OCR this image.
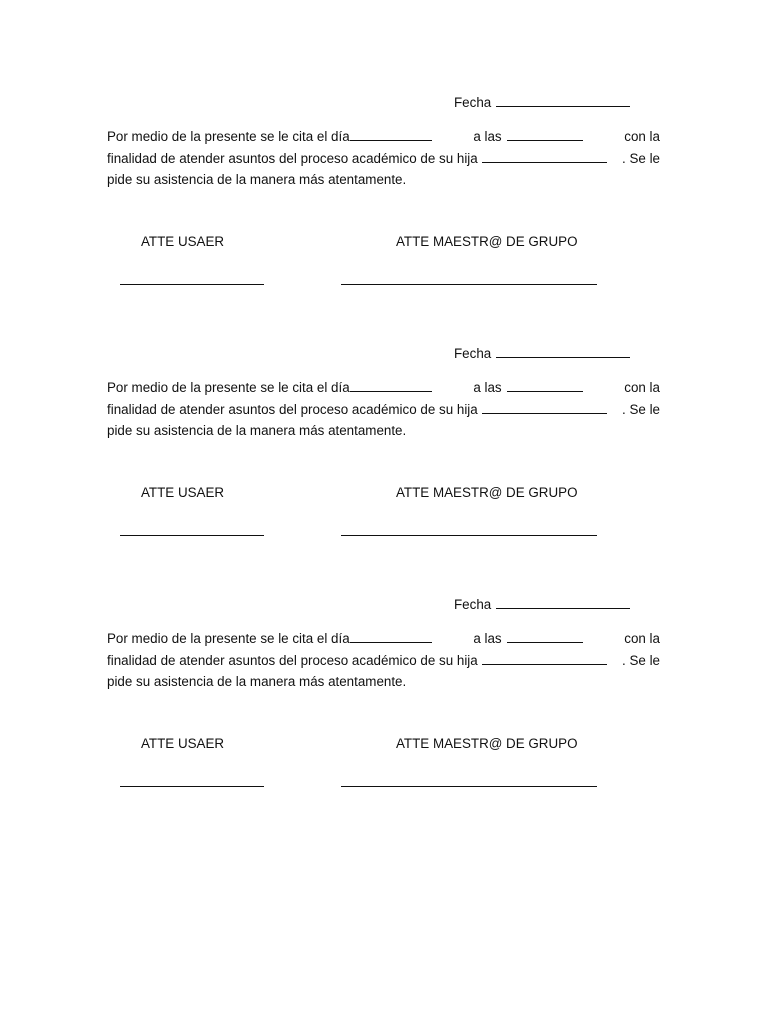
Fecha
Por medio de la presente se le cita el día	a las	con la
finalidad de atender asuntos del proceso académico de su hija	. Se le
pide su asistencia de la manera más atentamente.
ATTE USAER	ATTE MAESTR@ DE GRUPO
Fecha
Por medio de la presente se le cita el día	a las	con la
finalidad de atender asuntos del proceso académico de su hija	. Se le
pide su asistencia de la manera más atentamente.
ATTE USAER	ATTE MAESTR@ DE GRUPO
Fecha
Por medio de la presente se le cita el día	a las	con la
finalidad de atender asuntos del proceso académico de su hija	. Se le
pide su asistencia de la manera más atentamente.
ATTE USAER	ATTE MAESTR@ DE GRUPO
